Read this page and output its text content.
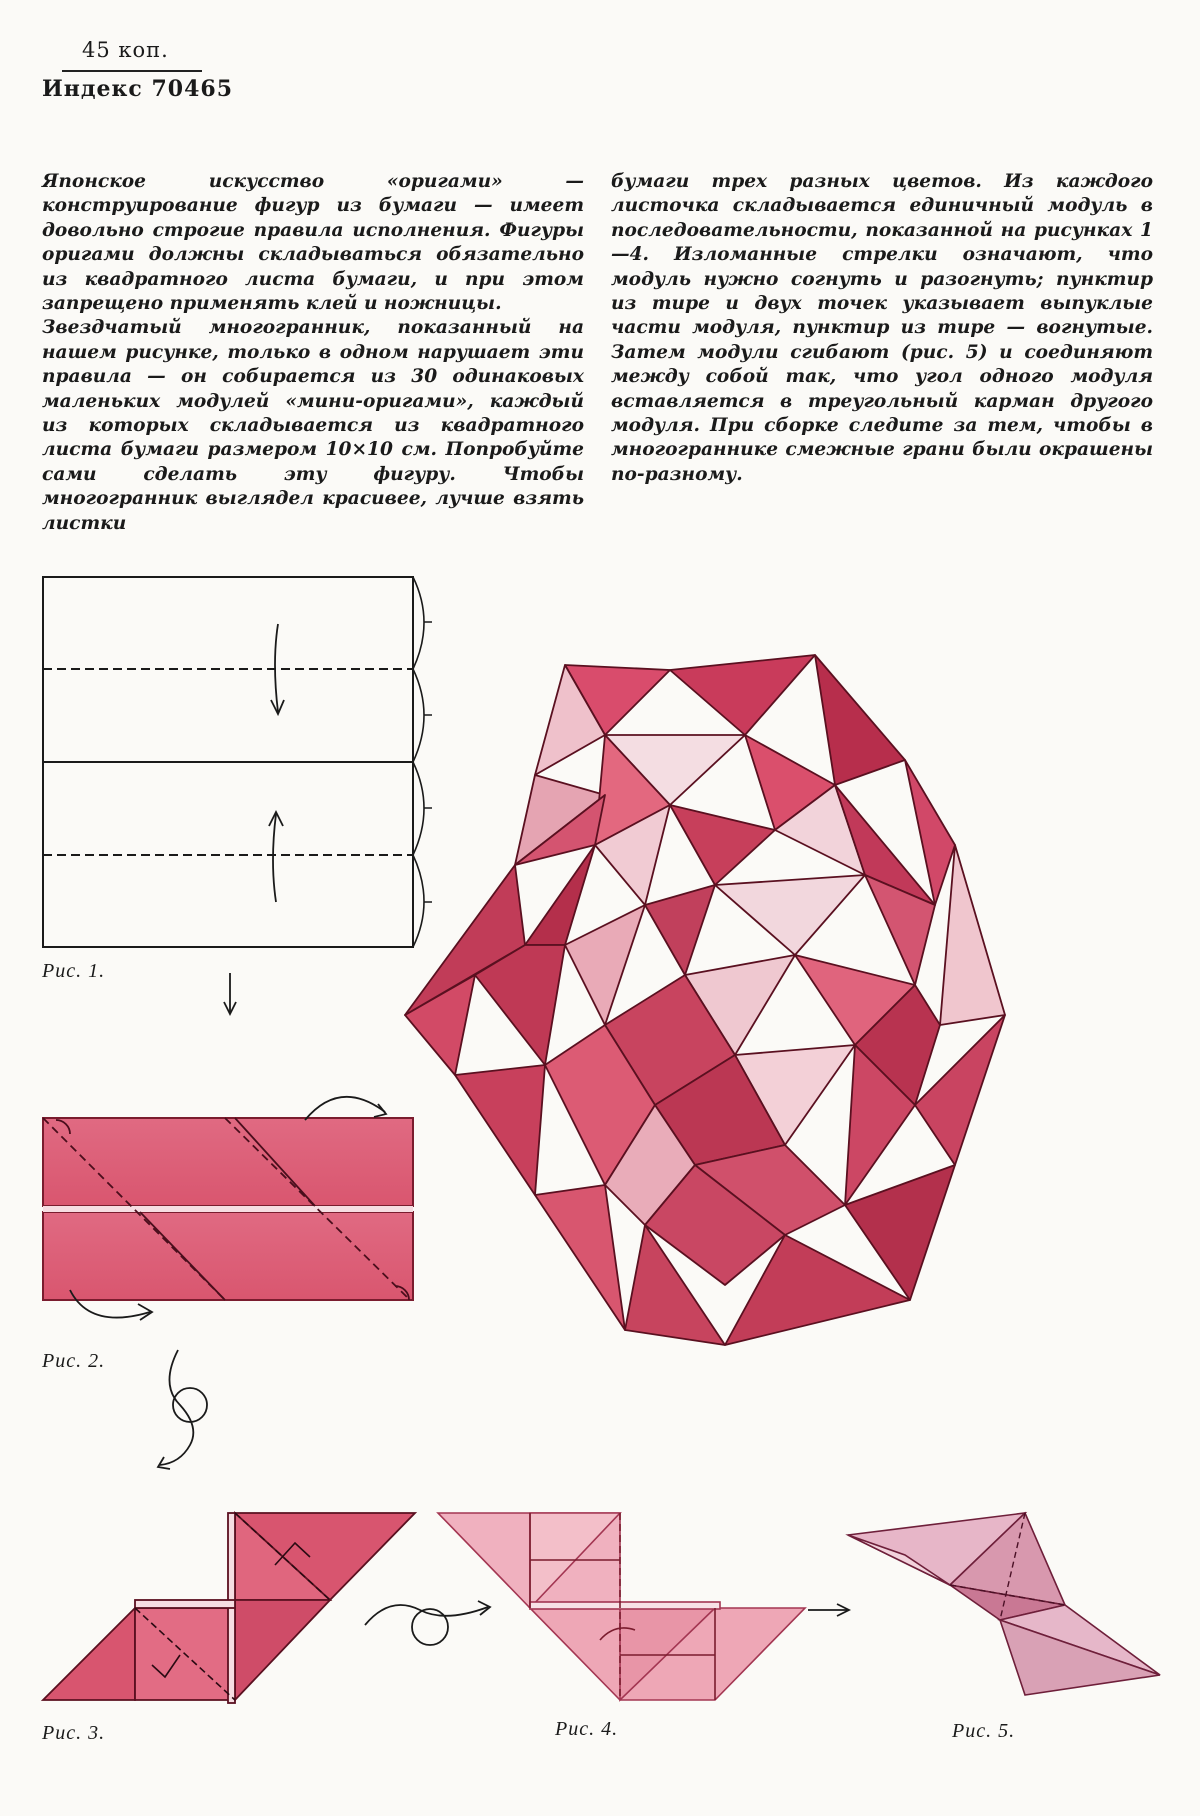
45 коп.
Индекс 70465

Японское искусство «оригами» — конструирование фигур из бумаги — имеет довольно строгие правила исполнения. Фигуры оригами должны складываться обязательно из квадратного листа бумаги, и при этом запрещено применять клей и ножницы.

Звездчатый многогранник, показанный на нашем рисунке, только в одном нарушает эти правила — он собирается из 30 одинаковых маленьких модулей «мини-оригами», каждый из которых складывается из квадратного листа бумаги размером 10×10 см. Попробуйте сами сделать эту фигуру. Чтобы многогранник выглядел красивее, лучше взять листки

бумаги трех разных цветов. Из каждого листочка складывается единичный модуль в последовательности, показанной на рисунках 1—4. Изломанные стрелки означают, что модуль нужно согнуть и разогнуть; пунктир из тире и двух точек указывает выпуклые части модуля, пунктир из тире — вогнутые. Затем модули сгибают (рис. 5) и соединяют между собой так, что угол одного модуля вставляется в треугольный карман другого модуля. При сборке следите за тем, чтобы в многограннике смежные грани были окрашены по-разному.

Рис. 1.
Рис. 2.
Рис. 3.	Рис. 4.	Рис. 5.
